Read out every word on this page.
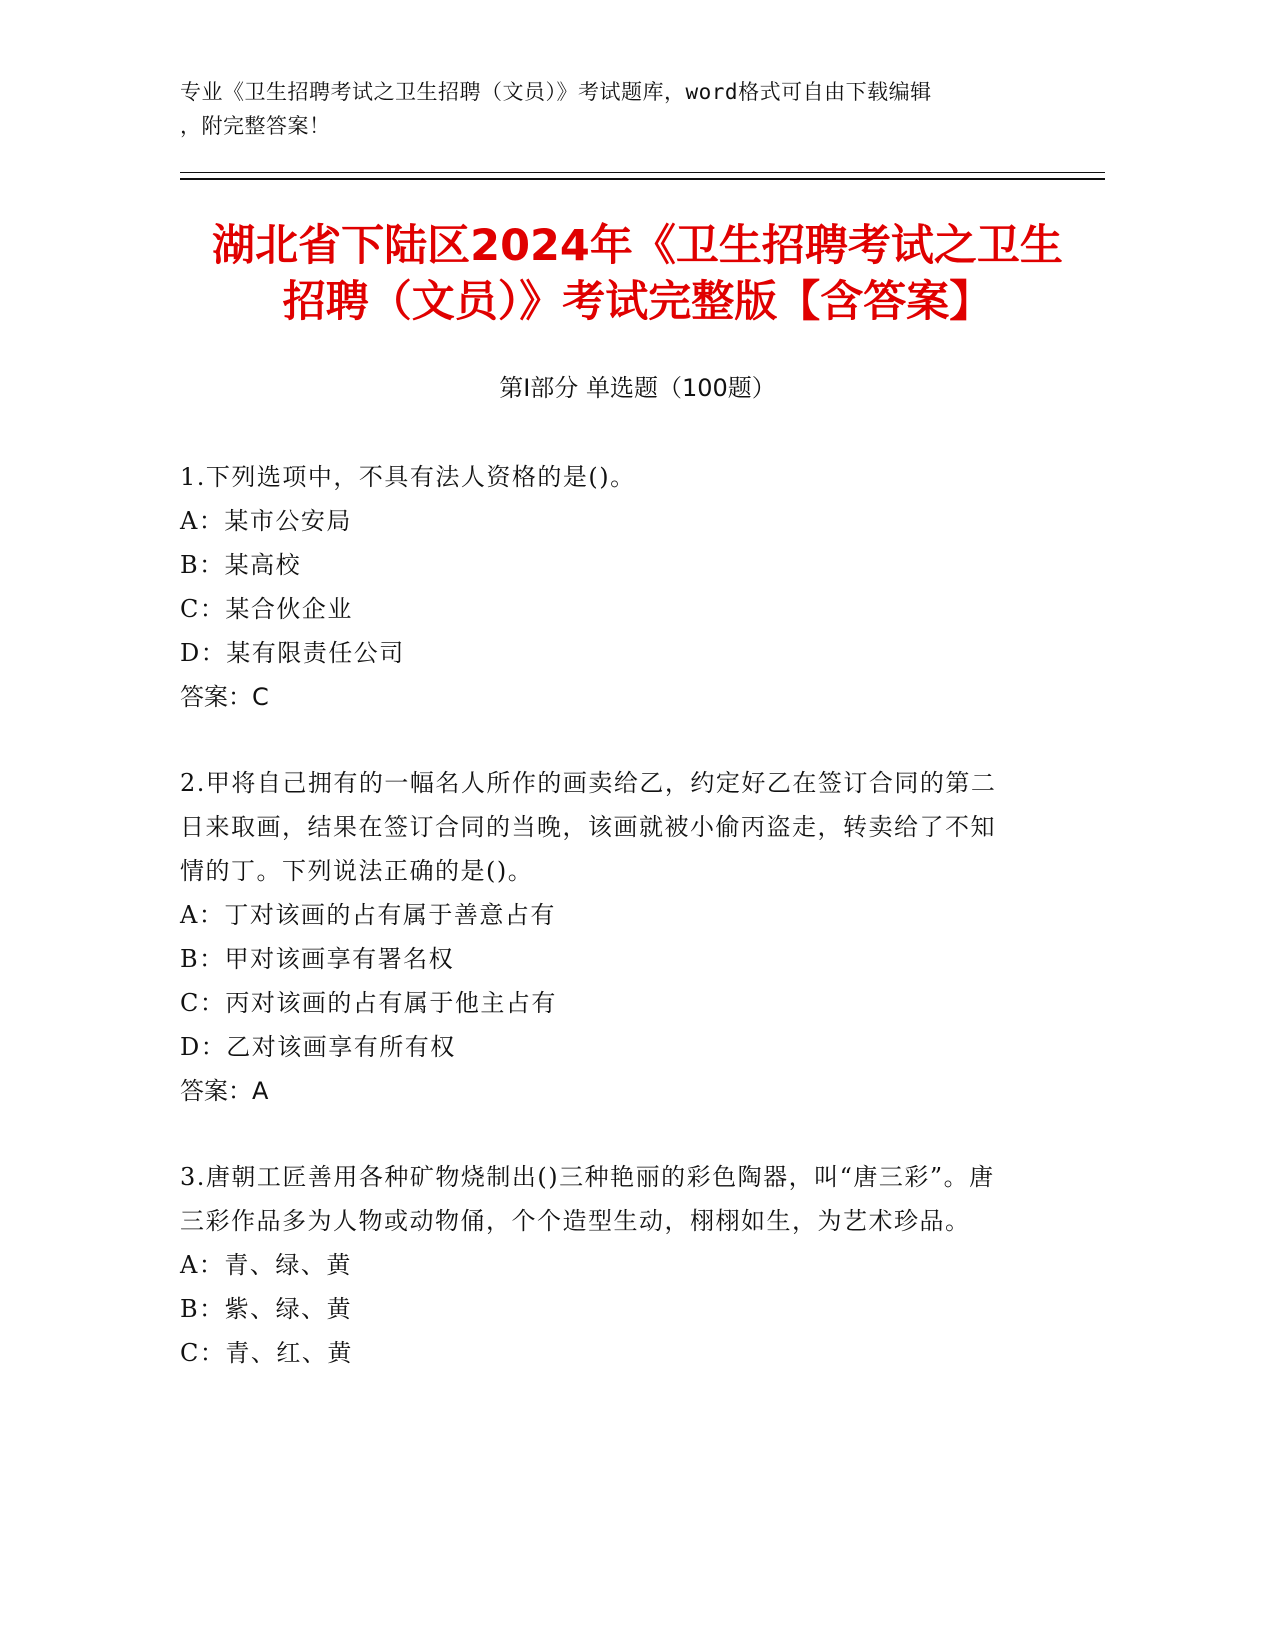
专业《卫生招聘考试之卫生招聘（文员）》考试题库，word格式可自由下载编辑
，附完整答案！
湖北省下陆区2024年《卫生招聘考试之卫生
招聘（文员）》考试完整版【含答案】
第Ⅰ部分 单选题（100题）
1.下列选项中，不具有法人资格的是()。
A：某市公安局
B：某高校
C：某合伙企业
D：某有限责任公司
答案：C
2.甲将自己拥有的一幅名人所作的画卖给乙，约定好乙在签订合同的第二日来取画，结果在签订合同的当晚，该画就被小偷丙盗走，转卖给了不知情的丁。下列说法正确的是()。
A：丁对该画的占有属于善意占有
B：甲对该画享有署名权
C：丙对该画的占有属于他主占有
D：乙对该画享有所有权
答案：A
3.唐朝工匠善用各种矿物烧制出()三种艳丽的彩色陶器，叫“唐三彩”。唐三彩作品多为人物或动物俑，个个造型生动，栩栩如生，为艺术珍品。
A：青、绿、黄
B：紫、绿、黄
C：青、红、黄
